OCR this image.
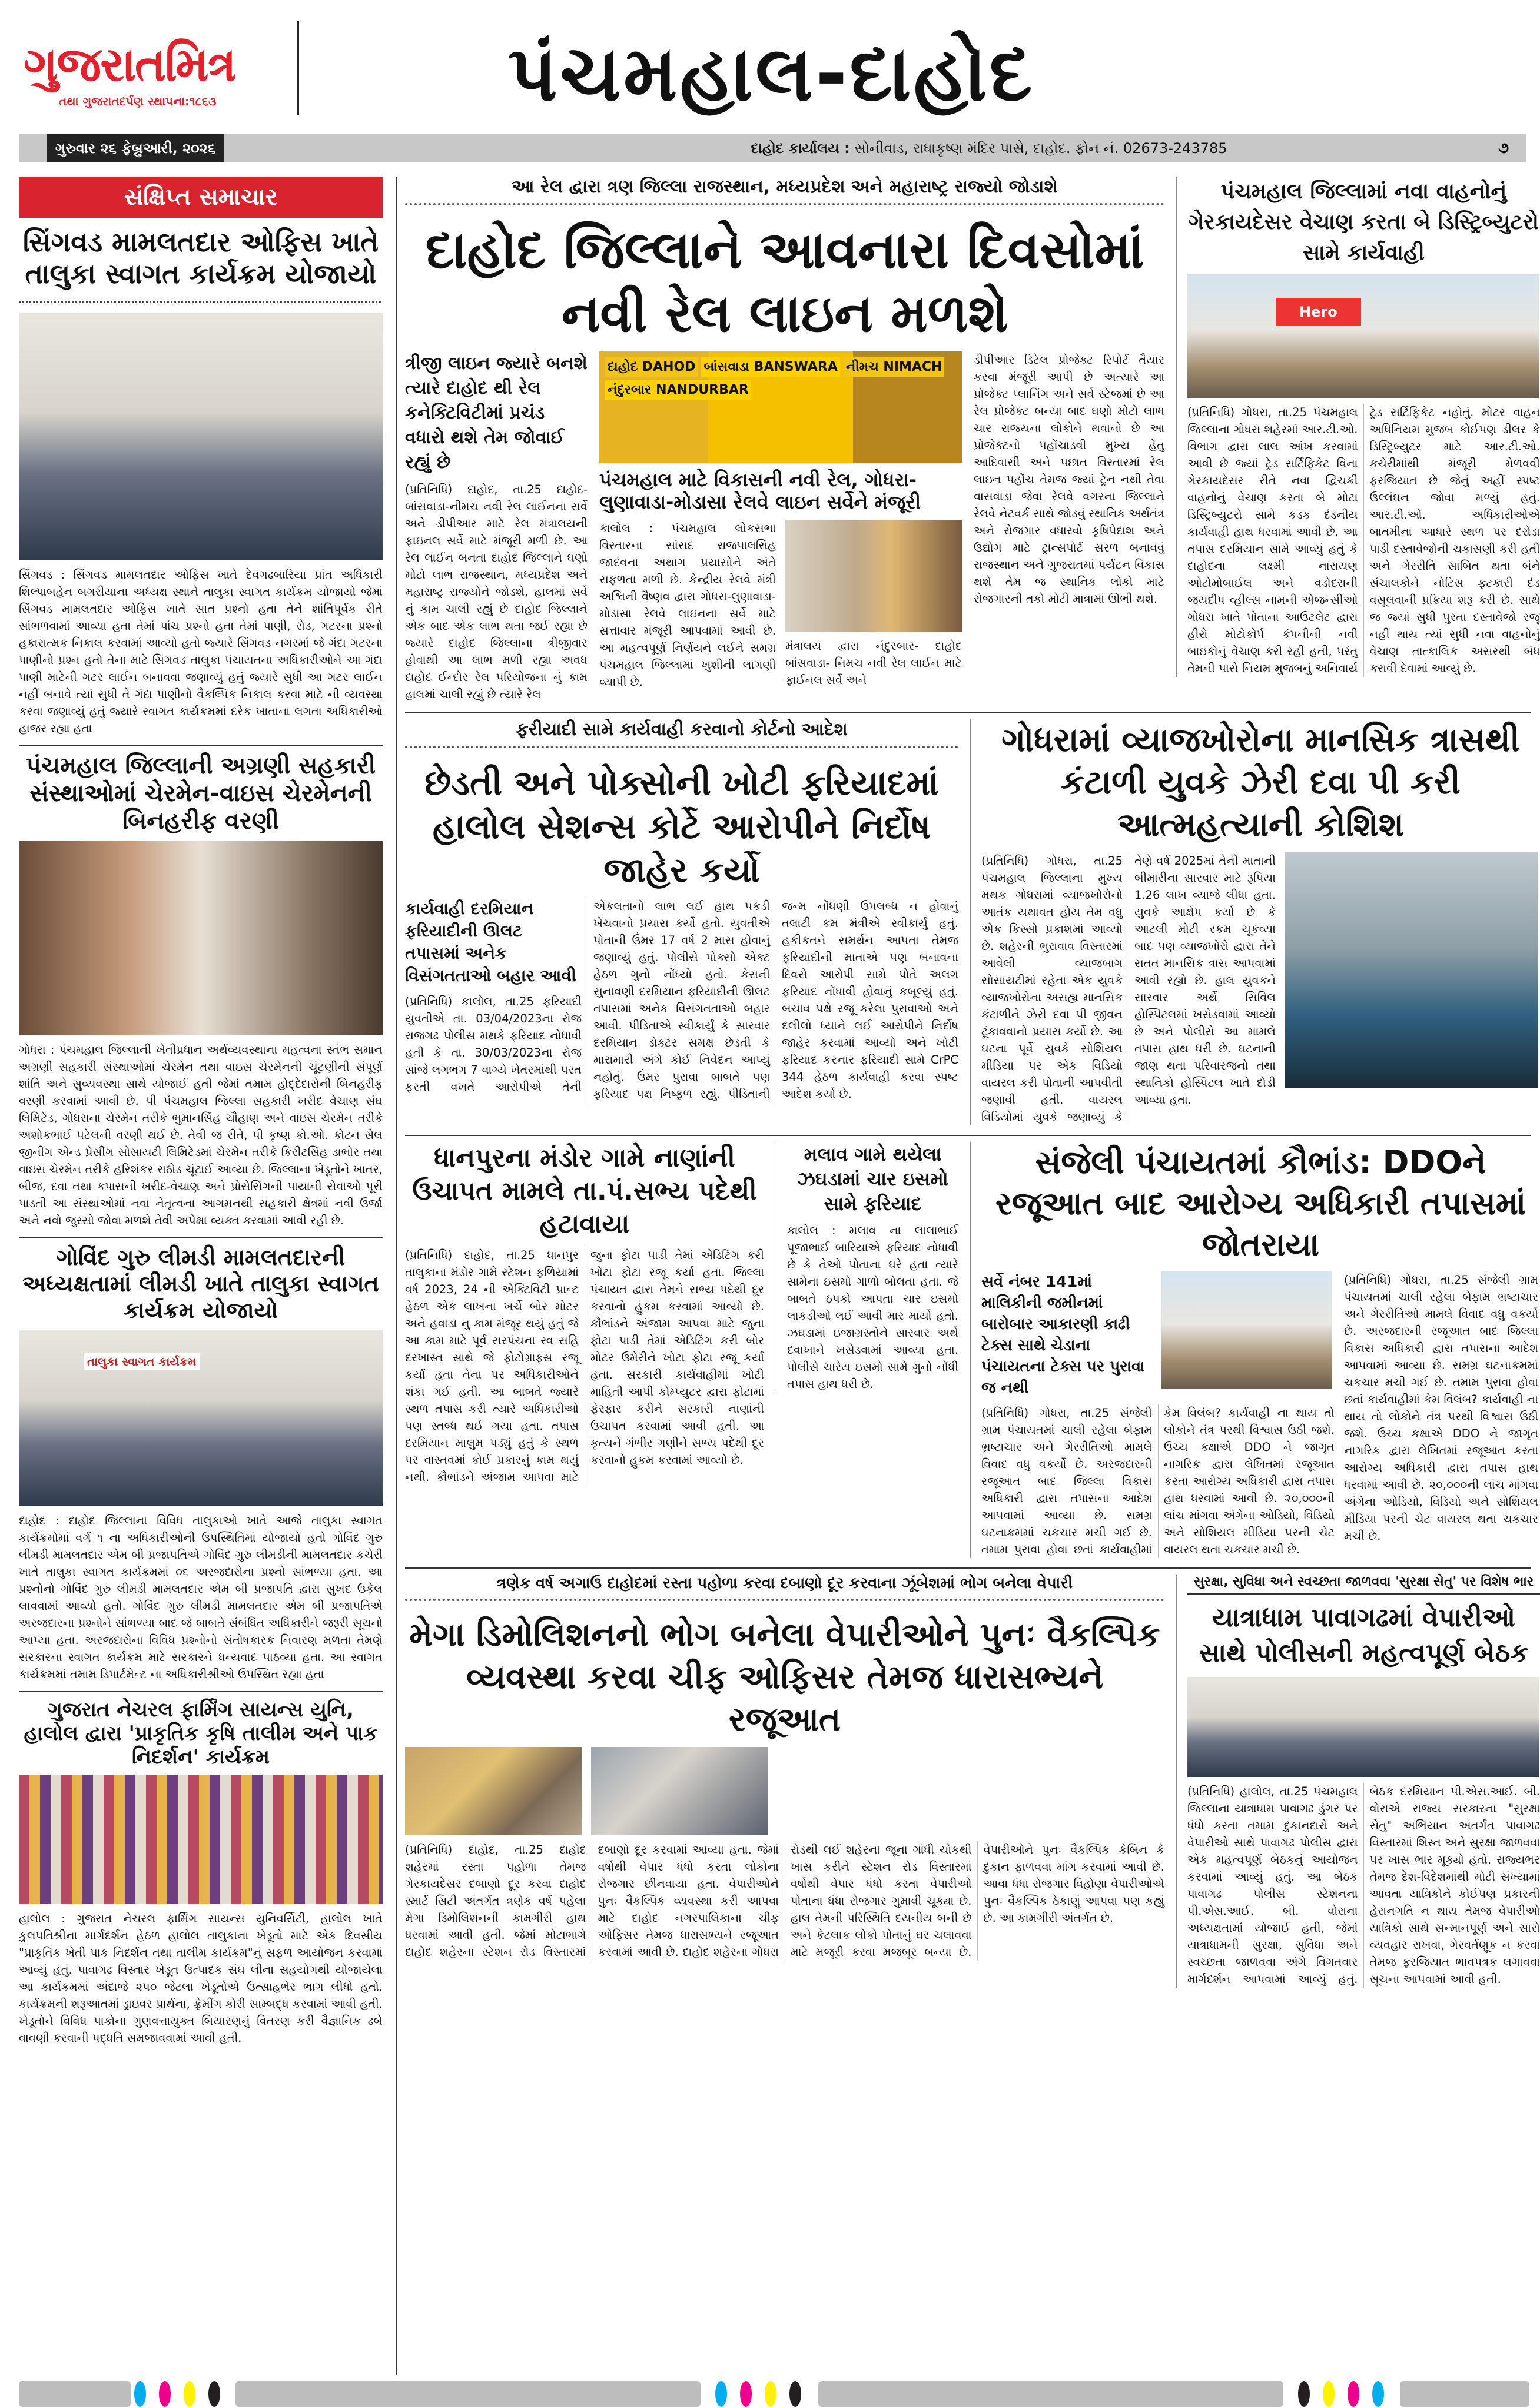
ગુજરાતમિત્ર
તથા ગુજરાતદર્પણ સ્થાપના:૧૮૬૩	પંચમહાલ-દાહોદ
ગુરુવાર ૨૬ ફેબ્રુઆરી, ૨૦૨૬	દાહોદ કાર્યાલય : સોનીવાડ, રાધાકૃષ્ણ મંદિર પાસે, દાહોદ. ફોન નં. 02673-243785	૭
સંક્ષિપ્ત સમાચાર
સિંગવડ મામલતદાર ઓફિસ ખાતે તાલુકા સ્વાગત કાર્યક્રમ યોજાયો
સિંગવડ : સિંગવડ મામલતદાર ઓફિસ ખાતે દેવગઢબારિયા પ્રાંત અધિકારી શિલ્પાબહેન બગરીયાના અધ્યક્ષ સ્થાને તાલુકા સ્વાગત કાર્યક્રમ યોજાયો જેમાં સિંગવડ મામલતદાર ઓફિસ ખાતે સાત પ્રશ્નો હતા તેને શાંતિપૂર્વક રીતે સાંભળવામાં આવ્યા હતા તેમાં પાંચ પ્રશ્નો હતા તેમાં પાણી, રોડ, ગટરના પ્રશ્નો હકારાત્મક નિકાલ કરવામાં આવ્યો હતો જ્યારે સિંગવડ નગરમાં જે ગંદા ગટરના પાણીનો પ્રશ્ન હતો તેના માટે સિંગવડ તાલુકા પંચાયતના અધિકારીઓને આ ગંદા પાણી માટેની ગટર લાઈન બનાવવા જણાવ્યું હતું જ્યારે સુધી આ ગટર લાઈન નહીં બનાવે ત્યાં સુધી તે ગંદા પાણીનો વૈકલ્પિક નિકાલ કરવા માટે ની વ્યવસ્થા કરવા જણાવ્યું હતું જ્યારે સ્વાગત કાર્યક્રમમાં દરેક ખાતાના લગતા અધિકારીઓ હાજર રહ્યા હતા
પંચમહાલ જિલ્લાની અગ્રણી સહકારી સંસ્થાઓમાં ચેરમેન-વાઇસ ચેરમેનની બિનહરીફ વરણી
ગોધરા : પંચમહાલ જિલ્લાની ખેતીપ્રધાન અર્થવ્યવસ્થાના મહત્વના સ્તંભ સમાન અગ્રણી સહકારી સંસ્થાઓમાં ચેરમેન તથા વાઇસ ચેરમેનની ચૂંટણીની સંપૂર્ણ શાંતિ અને સુવ્યવસ્થા સાથે યોજાઈ હતી જેમાં તમામ હોદ્દેદારોની બિનહરીફ વરણી કરવામાં આવી છે. પી પંચમહાલ જિલ્લા સહકારી ખરીદ વેચાણ સંઘ લિમિટેડ, ગોધરાના ચેરમેન તરીકે ભુમાનસિંહ ચૌહાણ અને વાઇસ ચેરમેન તરીકે અશોકભાઈ પટેલની વરણી થઈ છે. તેવી જ રીતે, પી કૃષ્ણ કો.ઓ. કોટન સેલ જીનીંગ એન્ડ પ્રેસીંગ સોસાયટી લિમિટેડમાં ચેરમેન તરીકે કિરીટસિંહ ડાભોર તથા વાઇસ ચેરમેન તરીકે હરિશંકર રાઠોડ ચૂંટાઈ આવ્યા છે. જિલ્લાના ખેડૂતોને ખાતર, બીજ, દવા તથા કપાસની ખરીદ-વેચાણ અને પ્રોસેસિંગની પાયાની સેવાઓ પૂરી પાડતી આ સંસ્થાઓમાં નવા નેતૃત્વના આગમનથી સહકારી ક્ષેત્રમાં નવી ઉર્જા અને નવો જુસ્સો જોવા મળશે તેવી અપેક્ષા વ્યક્ત કરવામાં આવી રહી છે.
ગોવિંદ ગુરુ લીમડી મામલતદારની અધ્યક્ષતામાં લીમડી ખાતે તાલુકા સ્વાગત કાર્યક્રમ યોજાયો
તાલુકા સ્વાગત કાર્યક્રમ
દાહોદ : દાહોદ જિલ્લાના વિવિધ તાલુકાઓ ખાતે આજે તાલુકા સ્વાગત કાર્યક્રમોમાં વર્ગ ૧ ના અધિકારીઓની ઉપસ્થિતિમાં યોજાયો હતો ગોવિંદ ગુરુ લીમડી મામલતદાર એમ બી પ્રજાપતિએ ગોવિંદ ગુરુ લીમડીની મામલતદાર કચેરી ખાતે તાલુકા સ્વાગત કાર્યક્રમમાં ૦૬ અરજદારોના પ્રશ્નો સાંભળ્યા હતા. આ પ્રશ્નોનો ગોવિંદ ગુરુ લીમડી મામલતદાર એમ બી પ્રજાપતિ દ્વારા સુખદ ઉકેલ લાવવામાં આવ્યો હતો. ગોવિંદ ગુરુ લીમડી મામલતદાર એમ બી પ્રજાપતિએ અરજદારના પ્રશ્નોને સાંભળ્યા બાદ જે બાબતે સંબંધિત અધિકારીને જરૂરી સૂચનો આપ્યા હતા. અરજદારોના વિવિધ પ્રશ્નોનો સંતોષકારક નિવારણ મળતા તેમણે સરકારના સ્વાગત કાર્યક્રમ માટે સરકારને ધન્યવાદ પાઠવ્યા હતા. આ સ્વાગત કાર્યક્રમમાં તમામ ડિપાર્ટમેન્ટ ના અધિકારીશ્રીઓ ઉપસ્થિત રહ્યા હતા
ગુજરાત નેચરલ ફાર્મિંગ સાયન્સ યુનિ, હાલોલ દ્વારા 'પ્રાકૃતિક કૃષિ તાલીમ અને પાક નિદર્શન' કાર્યક્રમ
હાલોલ : ગુજરાત નેચરલ ફાર્મિંગ સાયન્સ યુનિવર્સિટી, હાલોલ ખાતે કુલપતિશ્રીના માર્ગદર્શન હેઠળ હાલોલ તાલુકાના ખેડૂતો માટે એક દિવસીય "પ્રાકૃતિક ખેતી પાક નિદર્શન તથા તાલીમ કાર્યક્રમ"નું સફળ આયોજન કરવામાં આવ્યું હતું. પાવાગઢ વિસ્તાર ખેડૂત ઉત્પાદક સંઘ લીના સહયોગથી યોજાયેલા આ કાર્યક્રમમાં અંદાજે ૨૫૦ જેટલા ખેડૂતોએ ઉત્સાહભેર ભાગ લીધો હતો. કાર્યક્રમની શરૂઆતમાં ડ્રાઇવર પ્રાર્થના, ફ્રેમીંગ કોરી સામ્બદ્ધ કરવામાં આવી હતી. ખેડૂતોને વિવિધ પાકોના ગુણવત્તાયુક્ત બિયારણનું વિતરણ કરી વૈજ્ઞાનિક ઢબે વાવણી કરવાની પદ્ધતિ સમજાવવામાં આવી હતી.
આ રેલ દ્વારા ત્રણ જિલ્લા રાજસ્થાન, મધ્યપ્રદેશ અને મહારાષ્ટ્ર રાજ્યો જોડાશે
દાહોદ જિલ્લાને આવનારા દિવસોમાં નવી રેલ લાઇન મળશે
ત્રીજી લાઇન જ્યારે બનશે ત્યારે દાહોદ થી રેલ કનેક્ટિવિટીમાં પ્રચંડ વધારો થશે તેમ જોવાઈ રહ્યું છે
(પ્રતિનિધિ) દાહોદ, તા.25 દાહોદ-બાંસવાડા-નીમચ નવી રેલ લાઈનના સર્વે અને ડીપીઆર માટે રેલ મંત્રાલયની ફાઇનલ સર્વે માટે મંજૂરી મળી છે. આ રેલ લાઈન બનતા દાહોદ જિલ્લાને ઘણો મોટો લાભ રાજસ્થાન, મધ્યપ્રદેશ અને મહારાષ્ટ્ર રાજ્યોને જોડશે, હાલમાં સર્વે નું કામ ચાલી રહ્યું છે દાહોદ જિલ્લાને એક બાદ એક લાભ થતા જઈ રહ્યા છે જ્યારે દાહોદ જિલ્લાના ત્રીજીવાર હોવાથી આ લાભ મળી રહ્યા અવધ દાહોદ ઈન્દોર રેલ પરિયોજના નું કામ હાલમાં ચાલી રહ્યું છે ત્યારે રેલ
દાહોદ DAHOD બાંસવાડા BANSWARA નીમચ NIMACH
નંદુરબાર NANDURBAR
પંચમહાલ માટે વિકાસની નવી રેલ, ગોધરા-લુણાવાડા-મોડાસા રેલવે લાઇન સર્વેને મંજૂરી
કાલોલ : પંચમહાલ લોકસભા વિસ્તારના સાંસદ રાજપાલસિંહ જાદવના અથાગ પ્રયાસોને અંતે સફળતા મળી છે. કેન્દ્રીય રેલવે મંત્રી અશ્વિની વૈષ્ણવ દ્વારા ગોધરા-લુણાવાડા-મોડાસા રેલવે લાઇનના સર્વે માટે સત્તાવાર મંજૂરી આપવામાં આવી છે. આ મહત્વપૂર્ણ નિર્ણયને લઈને સમગ્ર પંચમહાલ જિલ્લામાં ખુશીની લાગણી વ્યાપી છે.
મંત્રાલય દ્વારા નંદુરબાર- દાહોદ બાંસવાડા- નિમચ નવી રેલ લાઈન માટે ફાઈનલ સર્વે અને
ડીપીઆર ડિટેલ પ્રોજેક્ટ રિપોર્ટ તૈયાર કરવા મંજૂરી આપી છે અત્યારે આ પ્રોજેક્ટ પ્લાનિંગ અને સર્વે સ્ટેજમાં છે આ રેલ પ્રોજેક્ટ બન્યા બાદ ઘણો મોટો લાભ ચાર રાજ્યના લોકોને થવાનો છે આ પ્રોજેક્ટનો પહોંચાડવી મુખ્ય હેતુ આદિવાસી અને પછાત વિસ્તારમાં રેલ લાઇન પહોંચ તેમજ જ્યાં ટ્રેન નથી તેવા વાસવાડા જેવા રેલવે વગરના જિલ્લાને રેલવે નેટવર્ક સાથે જોડવું સ્થાનિક અર્થતંત્ર અને રોજગાર વધારવો કૃષિપેદાશ અને ઉદ્યોગ માટે ટ્રાન્સપોર્ટ સરળ બનાવવું રાજસ્થાન અને ગુજરાતમાં પર્યટન વિકાસ થશે તેમ જ સ્થાનિક લોકો માટે રોજગારની તકો મોટી માત્રામાં ઊભી થશે.
પંચમહાલ જિલ્લામાં નવા વાહનોનું ગેરકાયદેસર વેચાણ કરતા બે ડિસ્ટ્રિબ્યુટરો સામે કાર્યવાહી
Hero
(પ્રતિનિધિ) ગોધરા, તા.25 પંચમહાલ જિલ્લાના ગોધરા શહેરમાં આર.ટી.ઓ. વિભાગ દ્વારા લાલ આંખ કરવામાં આવી છે જ્યાં ટ્રેડ સર્ટિફિકેટ વિના ગેરકાયદેસર રીતે નવા દ્વિચક્રી વાહનોનું વેચાણ કરતા બે મોટા ડિસ્ટ્રિબ્યુટરો સામે કડક દંડનીય કાર્યવાહી હાથ ધરવામાં આવી છે. આ તપાસ દરમિયાન સામે આવ્યું હતું કે દાહોદના લક્ષ્મી નારાયણ ઓટોમોબાઈલ અને વડોદરાની જયદીપ વ્હીલ્સ નામની એજન્સીઓ ગોધરા ખાતે પોતાના આઉટલેટ દ્વારા હીરો મોટોકોર્પ કંપનીની નવી બાઇકોનું વેચાણ કરી રહી હતી, પરંતુ તેમની પાસે નિયમ મુજબનું અનિવાર્ય ટ્રેડ સર્ટિફિકેટ નહોતું. મોટર વાહન અધિનિયમ મુજબ કોઈપણ ડીલર કે ડિસ્ટ્રિબ્યુટર માટે આર.ટી.ઓ. કચેરીમાંથી મંજૂરી મેળવવી ફરજિયાત છે જેનું અહીં સ્પષ્ટ ઉલ્લંઘન જોવા મળ્યું હતું. આર.ટી.ઓ. અધિકારીઓએ બાતમીના આધારે સ્થળ પર દરોડા પાડી દસ્તાવેજોની ચકાસણી કરી હતી અને ગેરરીતિ સાબિત થતા બંને સંચાલકોને નોટિસ ફટકારી દંડ વસૂલવાની પ્રક્રિયા શરૂ કરી છે. સાથે જ જ્યાં સુધી પુરતા દસ્તાવેજો રજૂ નહીં થાય ત્યાં સુધી નવા વાહનોનું વેચાણ તાત્કાલિક અસરથી બંધ કરાવી દેવામાં આવ્યું છે.
ફરીયાદી સામે કાર્યવાહી કરવાનો કોર્ટનો આદેશ
છેડતી અને પોક્સોની ખોટી ફરિયાદમાં હાલોલ સેશન્સ કોર્ટે આરોપીને નિર્દોષ જાહેર કર્યો
કાર્યવાહી દરમિયાન ફરિયાદીની ઊલટ તપાસમાં અનેક વિસંગતતાઓ બહાર આવી
(પ્રતિનિધિ) કાલોલ, તા.25 ફરિયાદી યુવતીએ તા. 03/04/2023ના રોજ રાજગઢ પોલીસ મથકે ફરિયાદ નોંધાવી હતી કે તા. 30/03/2023ના રોજ સાંજે લગભગ 7 વાગ્યે ખેતરમાંથી પરત ફરતી વખતે આરોપીએ તેની એકલતાનો લાભ લઈ હાથ પકડી ખેંચવાનો પ્રયાસ કર્યો હતો. યુવતીએ પોતાની ઉંમર 17 વર્ષ 2 માસ હોવાનું જણાવ્યું હતું. પોલીસે પોક્સો એક્ટ હેઠળ ગુનો નોંધ્યો હતો. કેસની સુનાવણી દરમિયાન ફરિયાદીની ઊલટ તપાસમાં અનેક વિસંગતતાઓ બહાર આવી. પીડિતાએ સ્વીકાર્યું કે સારવાર દરમિયાન ડોક્ટર સમક્ષ છેડતી કે મારામારી અંગે કોઈ નિવેદન આપ્યું નહોતું. ઉંમર પુરાવા બાબતે પણ ફરિયાદ પક્ષ નિષ્ફળ રહ્યું. પીડિતાની જન્મ નોંધણી ઉપલબ્ધ ન હોવાનું તલાટી કમ મંત્રીએ સ્વીકાર્યું હતું. હકીકતને સમર્થન આપતા તેમજ ફરિયાદીની માતાએ પણ બનાવના દિવસે આરોપી સામે પોતે અલગ ફરિયાદ નોંધાવી હોવાનું કબૂલ્યું હતું. બચાવ પક્ષે રજૂ કરેલા પુરાવાઓ અને દલીલો ધ્યાને લઈ આરોપીને નિર્દોષ જાહેર કરવામાં આવ્યો અને ખોટી ફરિયાદ કરનાર ફરિયાદી સામે CrPC 344 હેઠળ કાર્યવાહી કરવા સ્પષ્ટ આદેશ કર્યો છે.
ગોધરામાં વ્યાજખોરોના માનસિક ત્રાસથી કંટાળી યુવકે ઝેરી દવા પી કરી આત્મહત્યાની કોશિશ
(પ્રતિનિધિ) ગોધરા, તા.25 પંચમહાલ જિલ્લાના મુખ્ય મથક ગોધરામાં વ્યાજખોરોનો આતંક યથાવત હોય તેમ વધુ એક કિસ્સો પ્રકાશમાં આવ્યો છે. શહેરની ભુરાવાવ વિસ્તારમાં આવેલી વ્યાજબાગ સોસાયટીમાં રહેતા એક યુવકે વ્યાજખોરોના અસહ્ય માનસિક કંટાળીને ઝેરી દવા પી જીવન ટૂંકાવવાનો પ્રયાસ કર્યો છે. આ ઘટના પૂર્વે યુવકે સોશિયલ મીડિયા પર એક વિડિયો વાયરલ કરી પોતાની આપવીતી જણાવી હતી. વાયરલ વિડિયોમાં યુવકે જણાવ્યું કે તેણે વર્ષ 2025માં તેની માતાની બીમારીના સારવાર માટે રૂપિયા 1.26 લાખ વ્યાજે લીધા હતા. યુવકે આક્ષેપ કર્યો છે કે આટલી મોટી રકમ ચૂકવ્યા બાદ પણ વ્યાજખોરો દ્વારા તેને સતત માનસિક ત્રાસ આપવામાં આવી રહ્યો છે. હાલ યુવકને સારવાર અર્થે સિવિલ હોસ્પિટલમાં ખસેડવામાં આવ્યો છે અને પોલીસે આ મામલે તપાસ હાથ ધરી છે. ઘટનાની જાણ થતા પરિવારજનો તથા સ્થાનિકો હોસ્પિટલ ખાતે દોડી આવ્યા હતા.
ધાનપુરના મંડોર ગામે નાણાંની ઉચાપત મામલે તા.પં.સભ્ય પદેથી હટાવાયા
(પ્રતિનિધિ) દાહોદ, તા.25 ધાનપુર તાલુકાના મંડોર ગામે સ્ટેશન ફળિયામાં વર્ષ 2023, 24 ની એક્ટિવિટી પ્રાન્ટ હેઠળ એક લાખના ખર્ચે બોર મોટર અને હવાડા નુ કામ મંજૂર થયું હતું જે આ કામ માટે પૂર્વ સરપંચના સ્વ સહિ દરખાસ્ત સાથે જે ફોટોગ્રાફ્સ રજૂ કર્યા હતા તેના પર અધિકારીઓને શંકા ગઈ હતી. આ બાબતે જ્યારે સ્થળ તપાસ કરી ત્યારે અધિકારીઓ પણ સ્તબ્ધ થઈ ગયા હતા. તપાસ દરમિયાન માલુમ પડ્યું હતું કે સ્થળ પર વાસ્તવમાં કોઈ પ્રકારનું કામ થયું નથી. કૌભાંડને અંજામ આપવા માટે જુના ફોટા પાડી તેમાં એડિટિંગ કરી ખોટા ફોટા રજૂ કર્યા હતા. જિલ્લા પંચાયત દ્વારા તેમને સભ્ય પદેથી દૂર કરવાનો હુકમ કરવામાં આવ્યો છે. કૌભાંડને અંજામ આપવા માટે જુના ફોટા પાડી તેમાં એડિટિંગ કરી બોર મોટર ઉમેરીને ખોટા ફોટા રજૂ કર્યા હતા. સરકારી કાર્યવાહીમાં ખોટી માહિતી આપી કોમ્પ્યુટર દ્વારા ફોટામાં ફેરફાર કરીને સરકારી નાણાંની ઉચાપત કરવામાં આવી હતી. આ કૃત્યને ગંભીર ગણીને સભ્ય પદેથી દૂર કરવાનો હુકમ કરવામાં આવ્યો છે.
મલાવ ગામે થયેલા ઝઘડામાં ચાર ઇસમો સામે ફરિયાદ
કાલોલ : મલાવ ના લાલાભાઈ પૂજાભાઈ બારિયાએ ફરિયાદ નોંધાવી છે કે તેઓ પોતાના ઘરે હતા ત્યારે સામેના ઇસમો ગાળો બોલતા હતા. જે બાબતે ઠપકો આપતા ચાર ઇસમો લાકડીઓ લઈ આવી માર માર્યો હતો. ઝઘડામાં ઇજાગ્રસ્તોને સારવાર અર્થે દવાખાને ખસેડવામાં આવ્યા હતા. પોલીસે ચારેય ઇસમો સામે ગુનો નોંધી તપાસ હાથ ધરી છે.
સંજેલી પંચાયતમાં કૌભાંડ: DDOને રજૂઆત બાદ આરોગ્ય અધિકારી તપાસમાં જોતરાયા
સર્વે નંબર 141માં માલિકીની જમીનમાં બારોબાર આકારણી કાઢી ટેક્સ સાથે ચેડાના પંચાયતના ટેક્સ પર પુરાવા જ નથી
(પ્રતિનિધિ) ગોધરા, તા.25 સંજેલી ગ્રામ પંચાયતમાં ચાલી રહેલા બેફામ ભ્રષ્ટાચાર અને ગેરરીતિઓ મામલે વિવાદ વધુ વકર્યો છે. અરજદારની રજૂઆત બાદ જિલ્લા વિકાસ અધિકારી દ્વારા તપાસના આદેશ આપવામાં આવ્યા છે. સમગ્ર ઘટનાક્રમમાં ચકચાર મચી ગઈ છે. તમામ પુરાવા હોવા છતાં કાર્યવાહીમાં કેમ વિલંબ? કાર્યવાહી ના થાય તો લોકોને તંત્ર પરથી વિશ્વાસ ઉઠી જશે. ઉચ્ચ કક્ષાએ DDO ને જાગૃત નાગરિક દ્વારા લેખિતમાં રજૂઆત કરતા આરોગ્ય અધિકારી દ્વારા તપાસ હાથ ધરવામાં આવી છે. ૨૦,૦૦૦ની લાંચ માંગવા અંગેના ઓડિયો, વિડિયો અને સોશિયલ મીડિયા પરની ચેટ વાયરલ થતા ચકચાર મચી છે.
(પ્રતિનિધિ) ગોધરા, તા.25 સંજેલી ગ્રામ પંચાયતમાં ચાલી રહેલા બેફામ ભ્રષ્ટાચાર અને ગેરરીતિઓ મામલે વિવાદ વધુ વકર્યો છે. અરજદારની રજૂઆત બાદ જિલ્લા વિકાસ અધિકારી દ્વારા તપાસના આદેશ આપવામાં આવ્યા છે. સમગ્ર ઘટનાક્રમમાં ચકચાર મચી ગઈ છે. તમામ પુરાવા હોવા છતાં કાર્યવાહીમાં કેમ વિલંબ? કાર્યવાહી ના થાય તો લોકોને તંત્ર પરથી વિશ્વાસ ઉઠી જશે. ઉચ્ચ કક્ષાએ DDO ને જાગૃત નાગરિક દ્વારા લેખિતમાં રજૂઆત કરતા આરોગ્ય અધિકારી દ્વારા તપાસ હાથ ધરવામાં આવી છે. ૨૦,૦૦૦ની લાંચ માંગવા અંગેના ઓડિયો, વિડિયો અને સોશિયલ મીડિયા પરની ચેટ વાયરલ થતા ચકચાર મચી છે.
ત્રણેક વર્ષ અગાઉ દાહોદમાં રસ્તા પહોળા કરવા દબાણો દૂર કરવાના ઝૂંબેશમાં ભોગ બનેલા વેપારી
મેગા ડિમોલિશનનો ભોગ બનેલા વેપારીઓને પુનઃ વૈકલ્પિક વ્યવસ્થા કરવા ચીફ ઓફિસર તેમજ ધારાસભ્યને રજૂઆત
(પ્રતિનિધિ) દાહોદ, તા.25 દાહોદ શહેરમાં રસ્તા પહોળા તેમજ ગેરકાયદેસર દબાણો દૂર કરવા દાહોદ સ્માર્ટ સિટી અંતર્ગત ત્રણેક વર્ષ પહેલા મેગા ડિમોલિશનની કામગીરી હાથ ધરવામાં આવી હતી. જેમાં મોટાભાગે દાહોદ શહેરના સ્ટેશન રોડ વિસ્તારમાં દબાણો દૂર કરવામાં આવ્યા હતા. જેમાં વર્ષોથી વેપાર ધંધો કરતા લોકોના રોજગાર છીનવાયા હતા. વેપારીઓને પુનઃ વૈકલ્પિક વ્યવસ્થા કરી આપવા માટે દાહોદ નગરપાલિકાના ચીફ ઓફિસર તેમજ ધારાસભ્યને રજૂઆત કરવામાં આવી છે. દાહોદ શહેરના ગોધરા રોડથી લઈ શહેરના જૂના ગાંધી ચોકથી ખાસ કરીને સ્ટેશન રોડ વિસ્તારમાં વર્ષોથી વેપાર ધંધો કરતા વેપારીઓ પોતાના ધંધા રોજગાર ગુમાવી ચૂક્યા છે. હાલ તેમની પરિસ્થિતિ દયનીય બની છે અને કેટલાક લોકો પોતાનું ઘર ચલાવવા માટે મજૂરી કરવા મજબૂર બન્યા છે. વેપારીઓને પુનઃ વૈકલ્પિક કેબિન કે દુકાન ફાળવવા માંગ કરવામાં આવી છે. આવા ધંધા રોજગાર વિહોણા વેપારીઓએ પુનઃ વૈકલ્પિક ઠેકાણું આપવા પણ કહ્યું છે. આ કામગીરી અંતર્ગત છે.
સુરક્ષા, સુવિધા અને સ્વચ્છતા જાળવવા 'સુરક્ષા સેતુ' પર વિશેષ ભાર
યાત્રાધામ પાવાગઢમાં વેપારીઓ સાથે પોલીસની મહત્વપૂર્ણ બેઠક
(પ્રતિનિધિ) હાલોલ, તા.25 પંચમહાલ જિલ્લાના યાત્રાધામ પાવાગઢ ડુંગર પર ધંધો કરતા તમામ દુકાનદારો અને વેપારીઓ સાથે પાવાગઢ પોલીસ દ્વારા એક મહત્વપૂર્ણ બેઠકનું આયોજન કરવામાં આવ્યું હતું. આ બેઠક પાવાગઢ પોલીસ સ્ટેશનના પી.એસ.આઈ. બી. વોરાના અધ્યક્ષતામાં યોજાઈ હતી, જેમાં યાત્રાધામની સુરક્ષા, સુવિધા અને સ્વચ્છતા જાળવવા અંગે વિગતવાર માર્ગદર્શન આપવામાં આવ્યું હતું. બેઠક દરમિયાન પી.એસ.આઈ. બી. વોરાએ રાજ્ય સરકારના "સુરક્ષા સેતુ" અભિયાન અંતર્ગત પાવાગઢ વિસ્તારમાં શિસ્ત અને સુરક્ષા જાળવવા પર ખાસ ભાર મૂક્યો હતો. રાજ્યભર તેમજ દેશ-વિદેશમાંથી મોટી સંખ્યામાં આવતા યાત્રિકોને કોઈપણ પ્રકારની હેરાનગતિ ન થાય તેમજ વેપારીઓ યાત્રિકો સાથે સન્માનપૂર્ણ અને સારો વ્યવહાર રાખવા, ગેરવર્તણૂક ન કરવા તેમજ ફરજિયાત ભાવપત્રક લગાવવા સૂચના આપવામાં આવી હતી.
